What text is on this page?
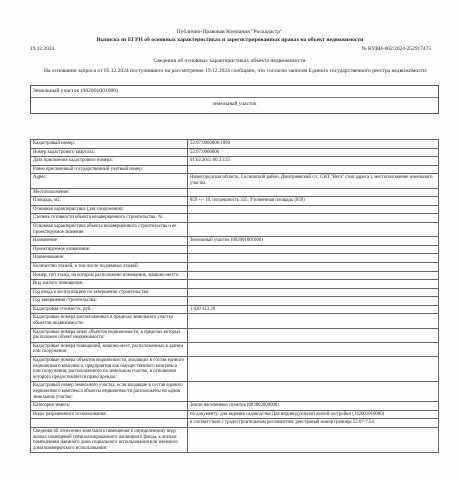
Публично-Правовая Компания "Роскадастр"
Выписка из ЕГРН об основных характеристиках и зарегистрированных правах на объект недвижимости
19.12.2024	№ КУВИ-002/2024-252917475
Сведения об основных характеристиках объекта недвижимости
На основании запроса от 05.12.2024 поступившего на рассмотрение 19.12.2024 сообщаем, что согласно записям Единого государственного реестра недвижимости:
Земельный участок (002001001000)
земельный участок
Кадастровый номер:	52:07:0000006:1090
Номер кадастрового квартала:	52:07:0000006
Дата присвоения кадастрового номера:	01.02.2015 00:33:35
Ранее присвоенный государственный учетный номер:	
Адрес:	Нижегородская область, Сосновский район, Дмитриевский с/с, СНТ "Вега" (тип адреса ), местоположение земельного участка
Местоположение:	
Площадь, м2:	859 +/- 10, погрешность 335, Уточненная площадь (859)
Основная характеристика (для сооружения):	
Степень готовности объекта незавершенного строительства, %:	
Основная характеристика объекта незавершенного строительства и ее проектируемое значение:	
Назначение:	Земельный участок (002001001000)
Проектируемое назначение:	
Наименование:	
Количество этажей, в том числе подземных этажей:	
Номер, тип этажа, на котором расположено помещение, машино-место:	
Вид жилого помещения:	
Год ввода в эксплуатацию по завершении строительства:	
Год завершения строительства:	
Кадастровая стоимость, руб.:	1 030 413.29
Кадастровые номера расположенных в пределах земельного участка объектов недвижимости:	
Кадастровые номера иных объектов недвижимости, в пределах которых расположен объект недвижимости:	
Кадастровые номера помещений, машино-мест, расположенных в здании или сооружении:	
Кадастровые номера объектов недвижимости, входящих в состав единого недвижимого комплекса, предприятия как имущественного комплекса или сооружения, расположенного на земельном участке, в отношении которого предоставляется право аренды:	
Кадастровый номер земельного участка, если входящие в состав единого недвижимого комплекса объекты недвижимости расположены на одном земельном участке:	
Категория земель:	Земли населенных пунктов (003002000000)
Виды разрешенного использования:	по документу: для ведения садоводства Для индивидуальной жилой застройки (142001010000)
	в соответствии с градостроительным регламентом: реестровый номер границы 52:07-7.54
Сведения об отнесении земельного помещения к определенному виду жилых помещений специализированного жилищного фонда, к жилым помещениям наемного дома социального использования или наемного дома коммерческого использования:	
